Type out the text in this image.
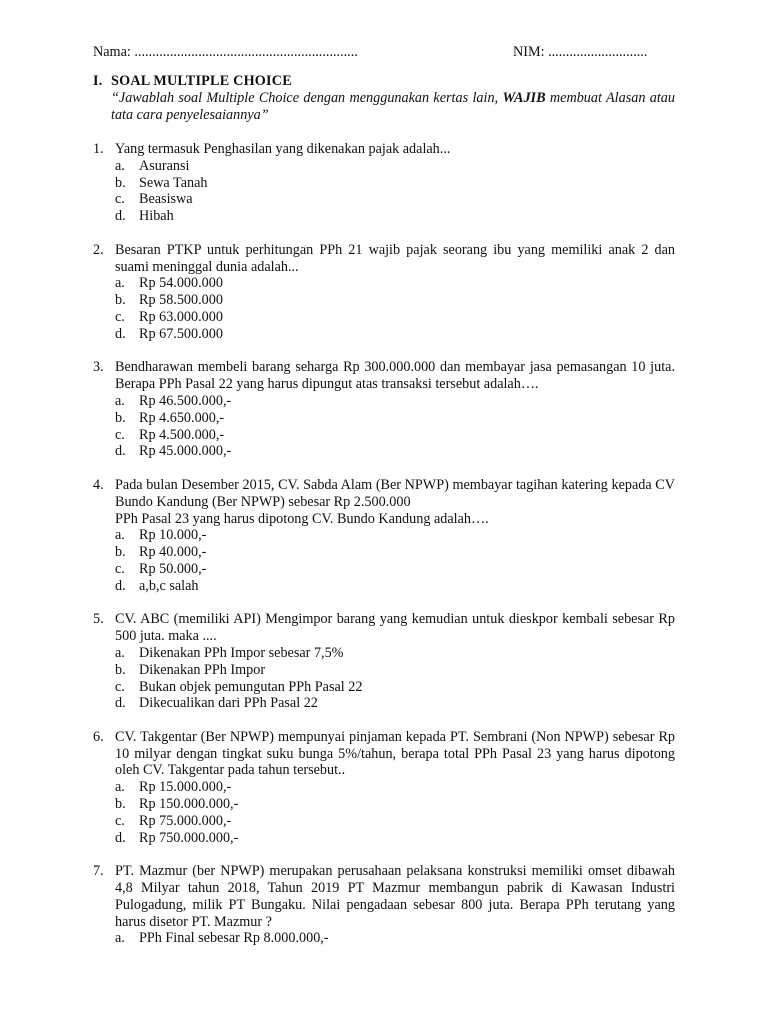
Nama: ...............................................................	NIM: ............................
I. SOAL MULTIPLE CHOICE
“Jawablah soal Multiple Choice dengan menggunakan kertas lain, WAJIB membuat Alasan atau tata cara penyelesaiannya”
1. Yang termasuk Penghasilan yang dikenakan pajak adalah...
a. Asuransi
b. Sewa Tanah
c. Beasiswa
d. Hibah
2. Besaran PTKP untuk perhitungan PPh 21 wajib pajak seorang ibu yang memiliki anak 2 dan suami meninggal dunia adalah...
a. Rp 54.000.000
b. Rp 58.500.000
c. Rp 63.000.000
d. Rp 67.500.000
3. Bendharawan membeli barang seharga Rp 300.000.000 dan membayar jasa pemasangan 10 juta. Berapa PPh Pasal 22 yang harus dipungut atas transaksi tersebut adalah….
a. Rp 46.500.000,-
b. Rp 4.650.000,-
c. Rp 4.500.000,-
d. Rp 45.000.000,-
4. Pada bulan Desember 2015, CV. Sabda Alam (Ber NPWP) membayar tagihan katering kepada CV Bundo Kandung (Ber NPWP) sebesar Rp 2.500.000
PPh Pasal 23 yang harus dipotong CV. Bundo Kandung adalah….
a. Rp 10.000,-
b. Rp 40.000,-
c. Rp 50.000,-
d. a,b,c salah
5. CV. ABC (memiliki API) Mengimpor barang yang kemudian untuk dieskpor kembali sebesar Rp 500 juta. maka ....
a. Dikenakan PPh Impor sebesar 7,5%
b. Dikenakan PPh Impor
c. Bukan objek pemungutan PPh Pasal 22
d. Dikecualikan dari PPh Pasal 22
6. CV. Takgentar (Ber NPWP) mempunyai pinjaman kepada PT. Sembrani (Non NPWP) sebesar Rp 10 milyar dengan tingkat suku bunga 5%/tahun, berapa total PPh Pasal 23 yang harus dipotong oleh CV. Takgentar pada tahun tersebut..
a. Rp 15.000.000,-
b. Rp 150.000.000,-
c. Rp 75.000.000,-
d. Rp 750.000.000,-
7. PT. Mazmur (ber NPWP) merupakan perusahaan pelaksana konstruksi memiliki omset dibawah 4,8 Milyar tahun 2018, Tahun 2019 PT Mazmur membangun pabrik di Kawasan Industri Pulogadung, milik PT Bungaku. Nilai pengadaan sebesar 800 juta. Berapa PPh terutang yang harus disetor PT. Mazmur ?
a. PPh Final sebesar Rp 8.000.000,-
